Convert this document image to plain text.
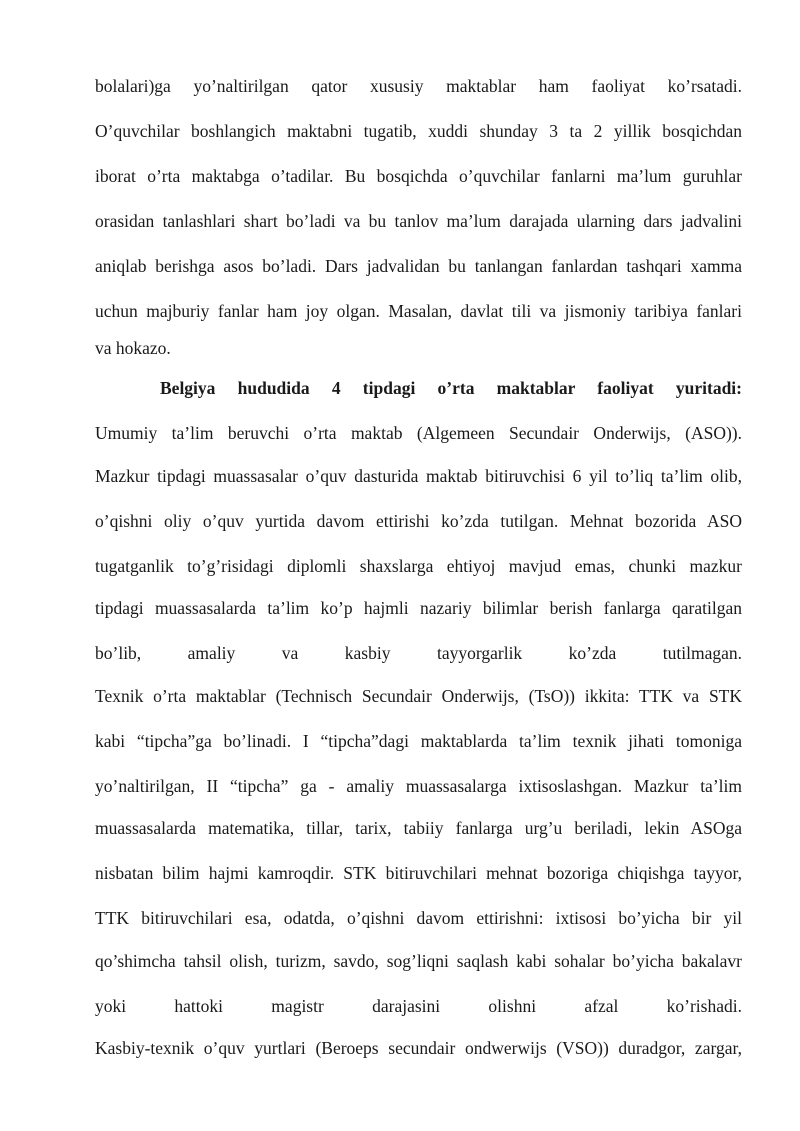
bolalari)ga yo’naltirilgan qator xususiy maktablar ham faoliyat ko’rsatadi.
O’quvchilar boshlangich maktabni tugatib, xuddi shunday 3 ta 2 yillik bosqichdan
iborat o’rta maktabga o’tadilar. Bu bosqichda o’quvchilar fanlarni ma’lum guruhlar
orasidan tanlashlari shart bo’ladi va bu tanlov ma’lum darajada ularning dars jadvalini
aniqlab berishga asos bo’ladi. Dars jadvalidan bu tanlangan fanlardan tashqari xamma
uchun majburiy fanlar ham joy olgan. Masalan, davlat tili va jismoniy taribiya fanlari
va hokazo.
Belgiya hududida 4 tipdagi o’rta maktablar faoliyat yuritadi:
Umumiy ta’lim beruvchi o’rta maktab (Algemeen Secundair Onderwijs, (ASO)).
Mazkur tipdagi muassasalar o’quv dasturida maktab bitiruvchisi 6 yil to’liq ta’lim olib,
o’qishni oliy o’quv yurtida davom ettirishi ko’zda tutilgan. Mehnat bozorida ASO
tugatganlik to’g’risidagi diplomli shaxslarga ehtiyoj mavjud emas, chunki mazkur
tipdagi muassasalarda ta’lim ko’p hajmli nazariy bilimlar berish fanlarga qaratilgan
bo’lib, amaliy va kasbiy tayyorgarlik ko’zda tutilmagan.
Texnik o’rta maktablar (Technisch Secundair Onderwijs, (TsO)) ikkita: TTK va STK
kabi “tipcha”ga bo’linadi. I “tipcha”dagi maktablarda ta’lim texnik jihati tomoniga
yo’naltirilgan, II “tipcha” ga - amaliy muassasalarga ixtisoslashgan. Mazkur ta’lim
muassasalarda matematika, tillar, tarix, tabiiy fanlarga urg’u beriladi, lekin ASOga
nisbatan bilim hajmi kamroqdir. STK bitiruvchilari mehnat bozoriga chiqishga tayyor,
TTK bitiruvchilari esa, odatda, o’qishni davom ettirishni: ixtisosi bo’yicha bir yil
qo’shimcha tahsil olish, turizm, savdo, sog’liqni saqlash kabi sohalar bo’yicha bakalavr
yoki hattoki magistr darajasini olishni afzal ko’rishadi.
Kasbiy-texnik o’quv yurtlari (Beroeps secundair ondwerwijs (VSO)) duradgor, zargar,
